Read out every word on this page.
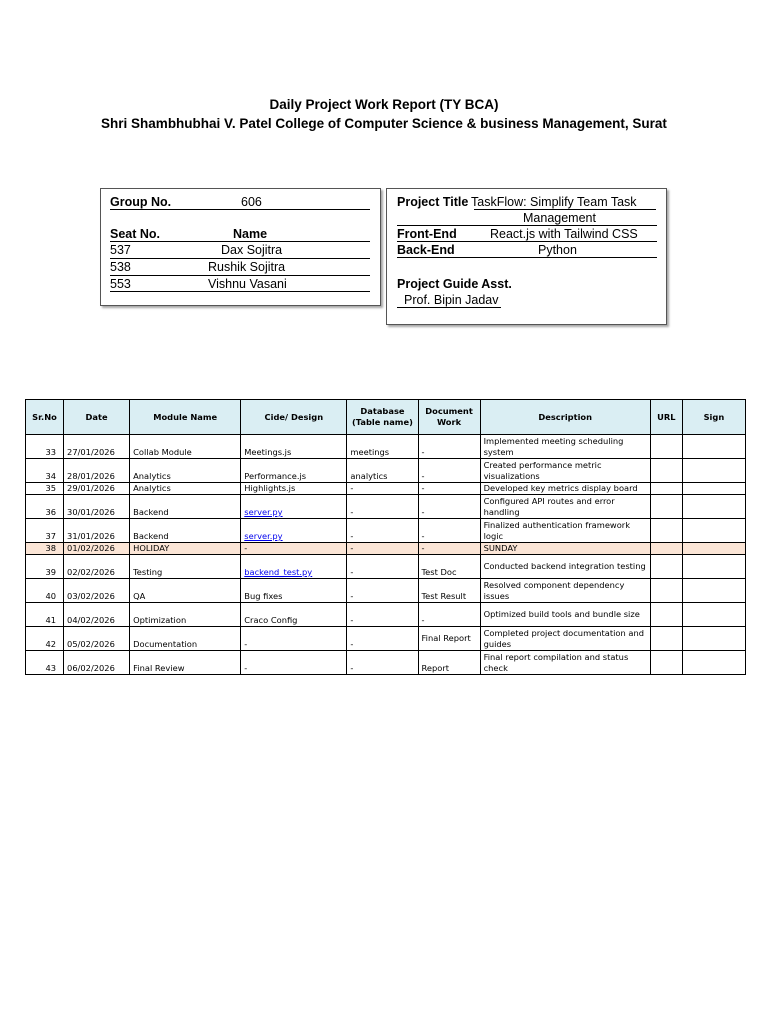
Daily Project Work Report (TY BCA)
Shri Shambhubhai V. Patel College of Computer Science & business Management, Surat
Group No.	606
Seat No.	Name
537	Dax Sojitra
538	Rushik Sojitra
553	Vishnu Vasani
Project Title TaskFlow: Simplify Team Task
Management
Front-End	React.js with Tailwind CSS
Back-End	Python
Project Guide Asst.
Prof. Bipin Jadav
Sr.No	Date	Module Name	Cide/ Design	Database (Table name)	Document Work	Description	URL	Sign
33	27/01/2026	Collab Module	Meetings.js	meetings	-	Implemented meeting scheduling system		
34	28/01/2026	Analytics	Performance.js	analytics	-	Created performance metric visualizations		
35	29/01/2026	Analytics	Highlights.js	-	-	Developed key metrics display board		
36	30/01/2026	Backend	server.py	-	-	Configured API routes and error handling		
37	31/01/2026	Backend	server.py	-	-	Finalized authentication framework logic		
38	01/02/2026	HOLIDAY	-	-	-	SUNDAY		
39	02/02/2026	Testing	backend_test.py	-	Test Doc	Conducted backend integration testing		
40	03/02/2026	QA	Bug fixes	-	Test Result	Resolved component dependency issues		
41	04/02/2026	Optimization	Craco Config	-	-	Optimized build tools and bundle size		
42	05/02/2026	Documentation	-	-	Final Report	Completed project documentation and guides		
43	06/02/2026	Final Review	-	-	Report	Final report compilation and status check		
